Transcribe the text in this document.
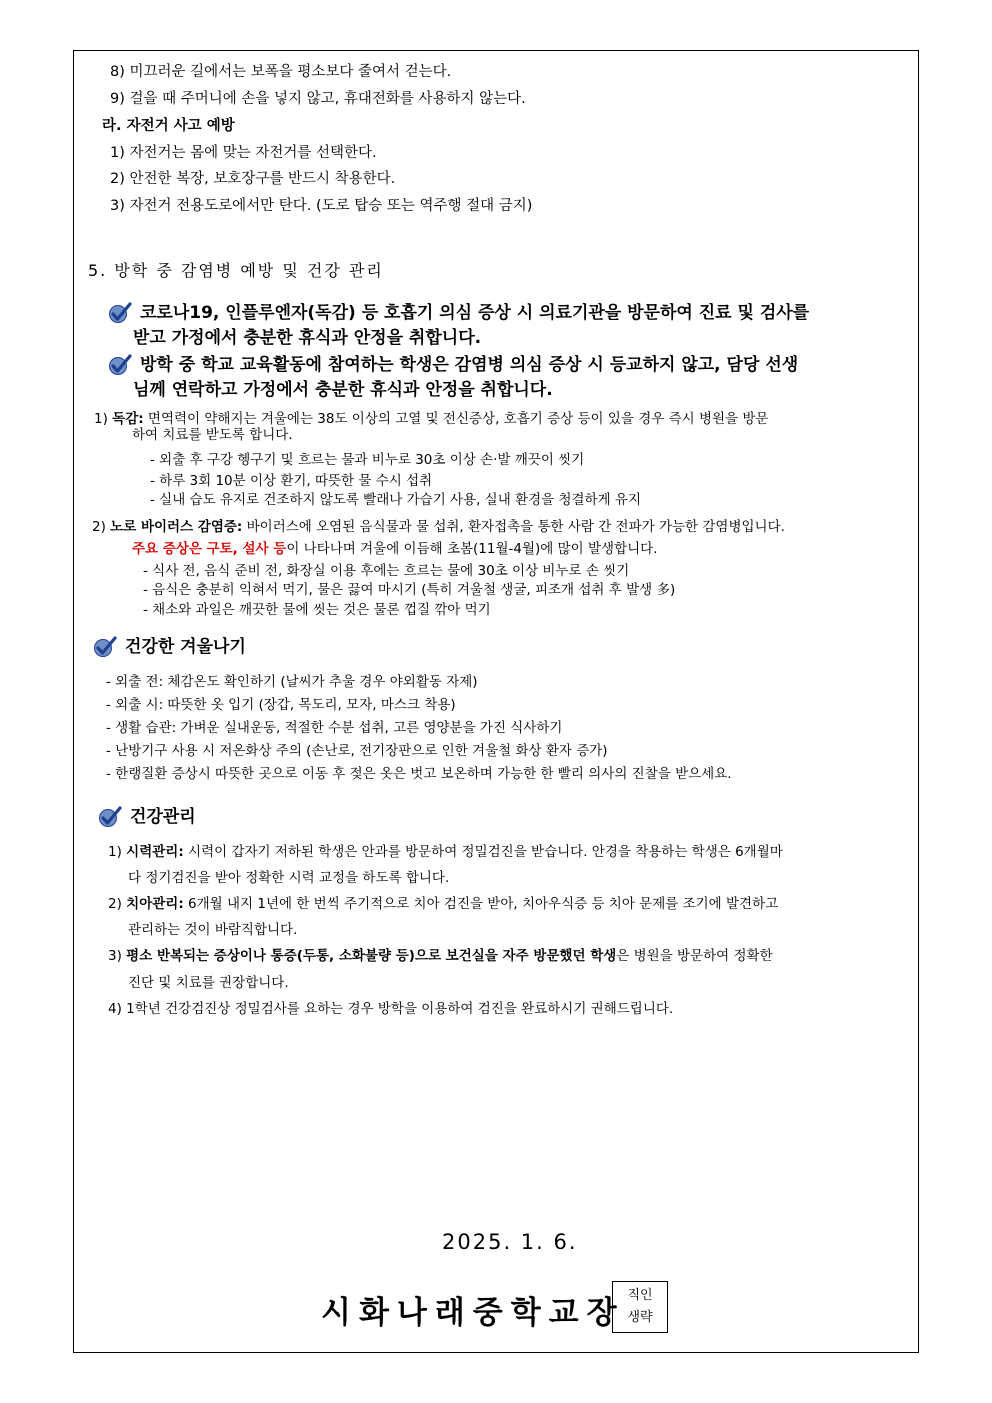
8) 미끄러운 길에서는 보폭을 평소보다 줄여서 걷는다.
9) 걸을 때 주머니에 손을 넣지 않고, 휴대전화를 사용하지 않는다.
라. 자전거 사고 예방
1) 자전거는 몸에 맞는 자전거를 선택한다.
2) 안전한 복장, 보호장구를 반드시 착용한다.
3) 자전거 전용도로에서만 탄다. (도로 탑승 또는 역주행 절대 금지)
5. 방학 중 감염병 예방 및 건강 관리
코로나19, 인플루엔자(독감) 등 호흡기 의심 증상 시 의료기관을 방문하여 진료 및 검사를
받고 가정에서 충분한 휴식과 안정을 취합니다.
방학 중 학교 교육활동에 참여하는 학생은 감염병 의심 증상 시 등교하지 않고, 담당 선생
님께 연락하고 가정에서 충분한 휴식과 안정을 취합니다.
1) 독감: 면역력이 약해지는 겨울에는 38도 이상의 고열 및 전신증상, 호흡기 증상 등이 있을 경우 즉시 병원을 방문
하여 치료를 받도록 합니다.
- 외출 후 구강 헹구기 및 흐르는 물과 비누로 30초 이상 손·발 깨끗이 씻기
- 하루 3회 10분 이상 환기, 따뜻한 물 수시 섭취
- 실내 습도 유지로 건조하지 않도록 빨래나 가습기 사용, 실내 환경을 청결하게 유지
2) 노로 바이러스 감염증: 바이러스에 오염된 음식물과 물 섭취, 환자접촉을 통한 사람 간 전파가 가능한 감염병입니다.
주요 증상은 구토, 설사 등이 나타나며 겨울에 이듬해 초봄(11월-4월)에 많이 발생합니다.
- 식사 전, 음식 준비 전, 화장실 이용 후에는 흐르는 물에 30초 이상 비누로 손 씻기
- 음식은 충분히 익혀서 먹기, 물은 끓여 마시기 (특히 겨울철 생굴, 피조개 섭취 후 발생 多)
- 채소와 과일은 깨끗한 물에 씻는 것은 물론 껍질 깎아 먹기
건강한 겨울나기
- 외출 전: 체감온도 확인하기 (날씨가 추울 경우 야외활동 자제)
- 외출 시: 따뜻한 옷 입기 (장갑, 목도리, 모자, 마스크 착용)
- 생활 습관: 가벼운 실내운동, 적절한 수분 섭취, 고른 영양분을 가진 식사하기
- 난방기구 사용 시 저온화상 주의 (손난로, 전기장판으로 인한 겨울철 화상 환자 증가)
- 한랭질환 증상시 따뜻한 곳으로 이동 후 젖은 옷은 벗고 보온하며 가능한 한 빨리 의사의 진찰을 받으세요.
건강관리
1) 시력관리: 시력이 갑자기 저하된 학생은 안과를 방문하여 정밀검진을 받습니다. 안경을 착용하는 학생은 6개월마
다 정기검진을 받아 정확한 시력 교정을 하도록 합니다.
2) 치아관리: 6개월 내지 1년에 한 번씩 주기적으로 치아 검진을 받아, 치아우식증 등 치아 문제를 조기에 발견하고
관리하는 것이 바람직합니다.
3) 평소 반복되는 증상이나 통증(두통, 소화불량 등)으로 보건실을 자주 방문했던 학생은 병원을 방문하여 정확한
진단 및 치료를 권장합니다.
4) 1학년 건강검진상 정밀검사를 요하는 경우 방학을 이용하여 검진을 완료하시기 권해드립니다.
2025. 1. 6.
시화나래중학교장 직인
생략
